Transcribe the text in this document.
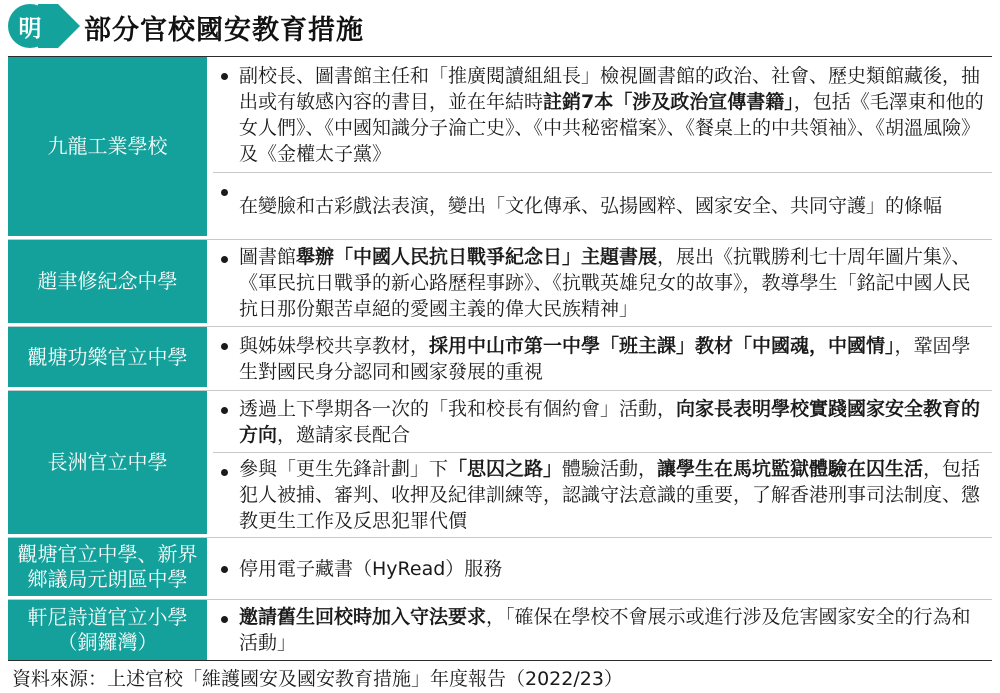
明 部分官校國安教育措施
九龍工業學校
副校長、圖書館主任和「推廣閱讀組組長」檢視圖書館的政治、社會、歷史類館藏後，抽出或有敏感內容的書目，並在年結時註銷7本「涉及政治宣傳書籍」，包括《毛澤東和他的女人們》、《中國知識分子淪亡史》、《中共秘密檔案》、《餐桌上的中共領袖》、《胡溫風險》及《金權太子黨》
在變臉和古彩戲法表演，變出「文化傳承、弘揚國粹、國家安全、共同守護」的條幅
趙聿修紀念中學
圖書館舉辦「中國人民抗日戰爭紀念日」主題書展，展出《抗戰勝利七十周年圖片集》、《軍民抗日戰爭的新心路歷程事跡》、《抗戰英雄兒女的故事》，教導學生「銘記中國人民抗日那份艱苦卓絕的愛國主義的偉大民族精神」
觀塘功樂官立中學	與姊妹學校共享教材，採用中山市第一中學「班主課」教材「中國魂，中國情」，鞏固學生對國民身分認同和國家發展的重視
長洲官立中學
透過上下學期各一次的「我和校長有個約會」活動，向家長表明學校實踐國家安全教育的方向，邀請家長配合
參與「更生先鋒計劃」下「思囚之路」體驗活動，讓學生在馬坑監獄體驗在囚生活，包括犯人被捕、審判、收押及紀律訓練等，認識守法意識的重要，了解香港刑事司法制度、懲教更生工作及反思犯罪代價
觀塘官立中學、新界鄉議局元朗區中學	停用電子藏書（HyRead）服務
軒尼詩道官立小學（銅鑼灣）
邀請舊生回校時加入守法要求，「確保在學校不會展示或進行涉及危害國家安全的行為和活動」
資料來源：上述官校「維護國安及國安教育措施」年度報告（2022/23）
